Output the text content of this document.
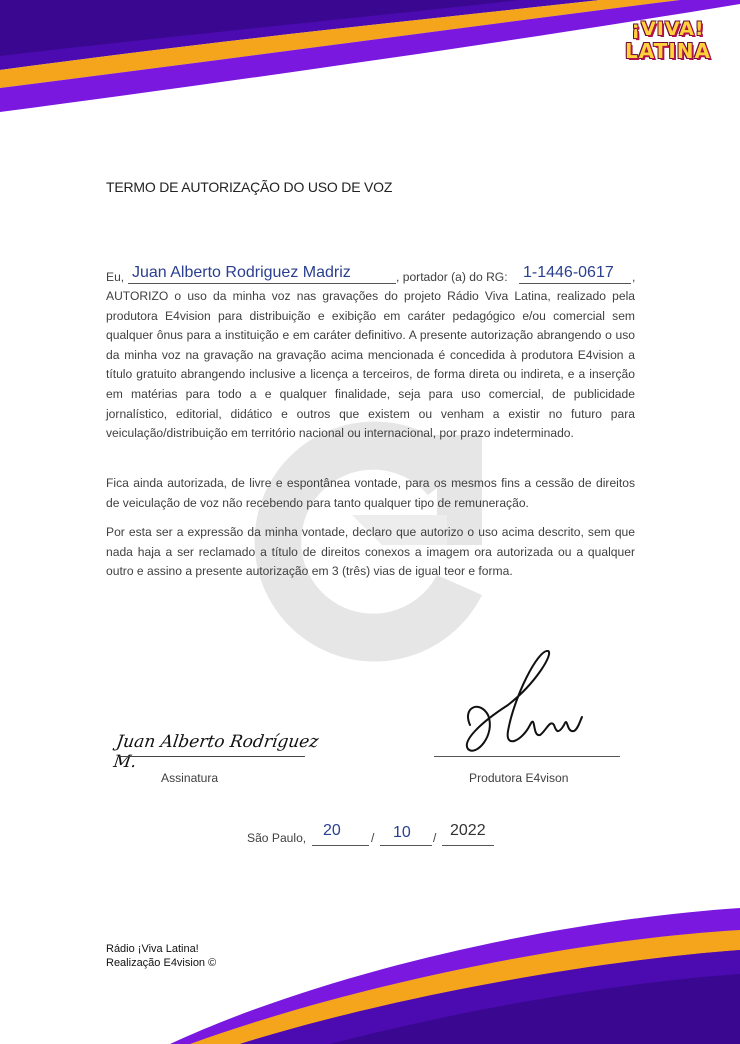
¡VIVA!
LATINA
TERMO DE AUTORIZAÇÃO DO USO DE VOZ
Eu, Juan Alberto Rodriguez Madriz	, portador (a) do RG: 1-1446-0617 ,
AUTORIZO o uso da minha voz nas gravações do projeto Rádio Viva Latina, realizado pela produtora E4vision para distribuição e exibição em caráter pedagógico e/ou comercial sem qualquer ônus para a instituição e em caráter definitivo. A presente autorização abrangendo o uso da minha voz na gravação na gravação acima mencionada é concedida à produtora E4vision a título gratuito abrangendo inclusive a licença a terceiros, de forma direta ou indireta, e a inserção em matérias para todo a e qualquer finalidade, seja para uso comercial, de publicidade jornalístico, editorial, didático e outros que existem ou venham a existir no futuro para veiculação/distribuição em território nacional ou internacional, por prazo indeterminado.
Fica ainda autorizada, de livre e espontânea vontade, para os mesmos fins a cessão de direitos de veiculação de voz não recebendo para tanto qualquer tipo de remuneração.
Por esta ser a expressão da minha vontade, declaro que autorizo o uso acima descrito, sem que nada haja a ser reclamado a título de direitos conexos a imagem ora autorizada ou a qualquer outro e assino a presente autorização em 3 (três) vias de igual teor e forma.
Juan Alberto Rodríguez M.
Assinatura	Produtora E4vison
São Paulo, 20 / 10 / 2022
Rádio ¡Viva Latina!
Realização E4vision ©
